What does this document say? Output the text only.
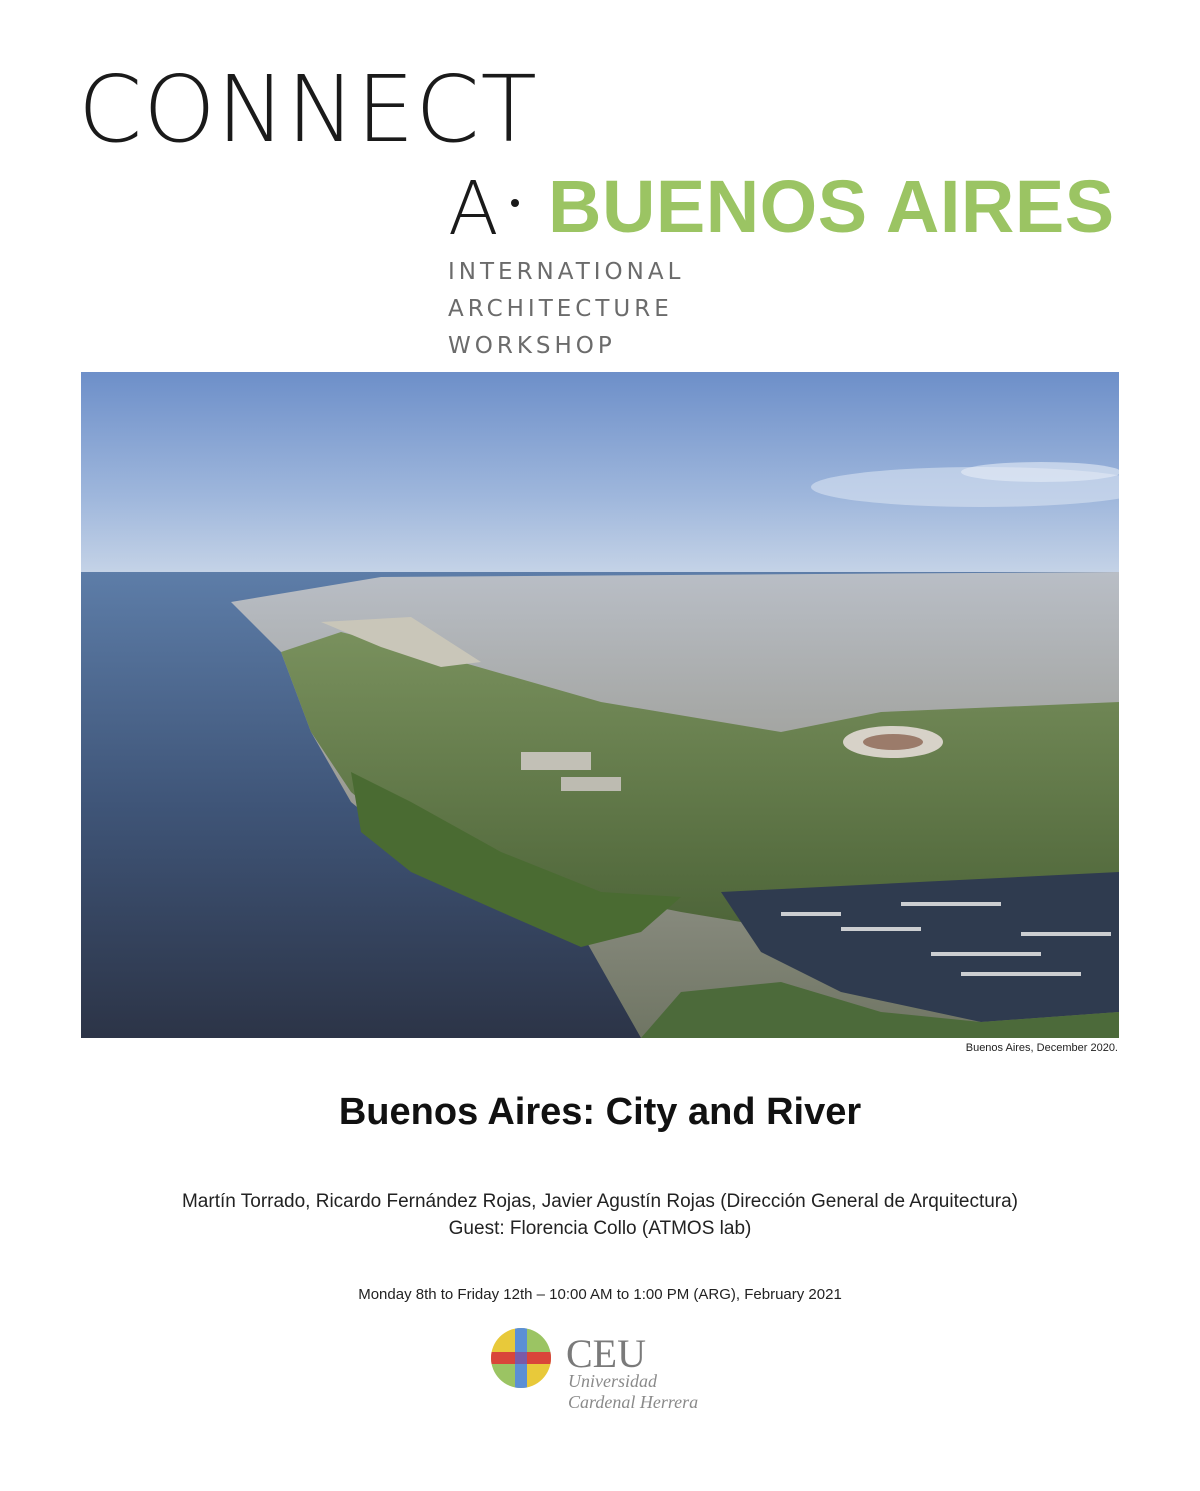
CONNECT
A BUENOS AIRES
INTERNATIONAL
ARCHITECTURE
WORKSHOP
Buenos Aires, December 2020.
Buenos Aires: City and River
Martín Torrado, Ricardo Fernández Rojas, Javier Agustín Rojas (Dirección General de Arquitectura)
Guest: Florencia Collo (ATMOS lab)
Monday 8th to Friday 12th – 10:00 AM to 1:00 PM (ARG), February 2021
CEU
Universidad
Cardenal Herrera
